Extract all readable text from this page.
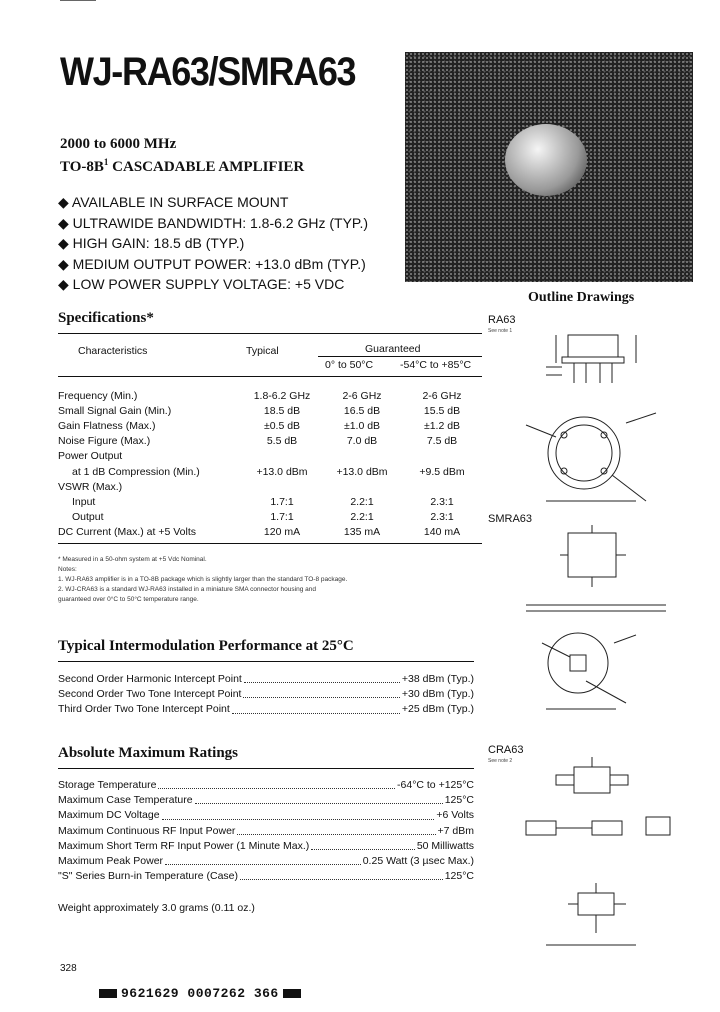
WJ-RA63/SMRA63
2000 to 6000 MHz
$TO-8B^1$ CASCADABLE AMPLIFIER
◆ AVAILABLE IN SURFACE MOUNT
◆ ULTRAWIDE BANDWIDTH: 1.8-6.2 GHz (TYP.)
◆ HIGH GAIN: 18.5 dB (TYP.)
◆ MEDIUM OUTPUT POWER: +13.0 dBm (TYP.)
◆ LOW POWER SUPPLY VOLTAGE: +5 VDC
Specifications*
Characteristics	Typical	Guaranteed
0° to 50°C	-54°C to +85°C
Frequency (Min.)	1.8-6.2 GHz	2-6 GHz	2-6 GHz
Small Signal Gain (Min.)	18.5 dB	16.5 dB	15.5 dB
Gain Flatness (Max.)	±0.5 dB	±1.0 dB	±1.2 dB
Noise Figure (Max.)	5.5 dB	7.0 dB	7.5 dB
Power Output			
at 1 dB Compression (Min.)	+13.0 dBm	+13.0 dBm	+9.5 dBm
VSWR (Max.)			
Input	1.7:1	2.2:1	2.3:1
Output	1.7:1	2.2:1	2.3:1
DC Current (Max.) at +5 Volts	120 mA	135 mA	140 mA
* Measured in a 50-ohm system at +5 Vdc Nominal.
Notes:
1. WJ-RA63 amplifier is in a TO-8B package which is slightly larger than the standard TO-8 package.
2. WJ-CRA63 is a standard WJ-RA63 installed in a miniature SMA connector housing and
guaranteed over 0°C to 50°C temperature range.
Typical Intermodulation Performance at 25°C
Second Order Harmonic Intercept Point	+38 dBm (Typ.)
Second Order Two Tone Intercept Point	+30 dBm (Typ.)
Third Order Two Tone Intercept Point	+25 dBm (Typ.)
Absolute Maximum Ratings
Storage Temperature	-64°C to +125°C
Maximum Case Temperature	125°C
Maximum DC Voltage	+6 Volts
Maximum Continuous RF Input Power	+7 dBm
Maximum Short Term RF Input Power (1 Minute Max.)	50 Milliwatts
Maximum Peak Power	0.25 Watt (3 µsec Max.)
"S" Series Burn-in Temperature (Case)	125°C
Weight approximately 3.0 grams (0.11 oz.)
328
9621629 0007262 366
Outline Drawings
RA63
See note 1
SMRA63
CRA63
See note 2
